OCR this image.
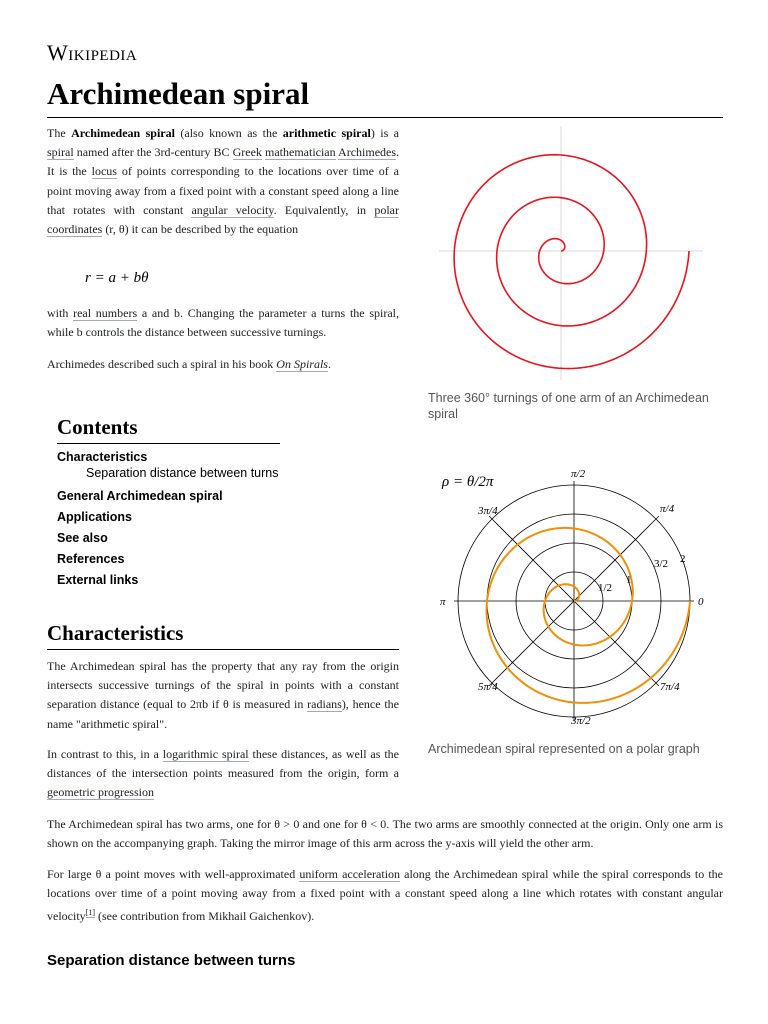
Wikipedia
Archimedean spiral

The Archimedean spiral (also known as the arithmetic spiral) is a spiral named after the 3rd-century BC Greek mathematician Archimedes. It is the locus of points corresponding to the locations over time of a point moving away from a fixed point with a constant speed along a line that rotates with constant angular velocity. Equivalently, in polar coordinates (r, θ) it can be described by the equation

r = a + bθ

with real numbers a and b. Changing the parameter a turns the spiral, while b controls the distance between successive turnings.

Archimedes described such a spiral in his book On Spirals.

Contents
Characteristics
Separation distance between turns
General Archimedean spiral
Applications
See also
References
External links
Characteristics

The Archimedean spiral has the property that any ray from the origin intersects successive turnings of the spiral in points with a constant separation distance (equal to 2πb if θ is measured in radians), hence the name "arithmetic spiral".

In contrast to this, in a logarithmic spiral these distances, as well as the distances of the intersection points measured from the origin, form a geometric progression

The Archimedean spiral has two arms, one for θ > 0 and one for θ < 0. The two arms are smoothly connected at the origin. Only one arm is shown on the accompanying graph. Taking the mirror image of this arm across the y-axis will yield the other arm.

For large θ a point moves with well-approximated uniform acceleration along the Archimedean spiral while the spiral corresponds to the locations over time of a point moving away from a fixed point with a constant speed along a line which rotates with constant angular velocity[1] (see contribution from Mikhail Gaichenkov).

Separation distance between turns
Three 360° turnings of one arm of an Archimedean spiral
π/2
π/4
0
7π/4
3π/2
5π/4
π
3π/4
1/2
1
3/2 2
ρ = θ/2π
Archimedean spiral represented on a polar graph
